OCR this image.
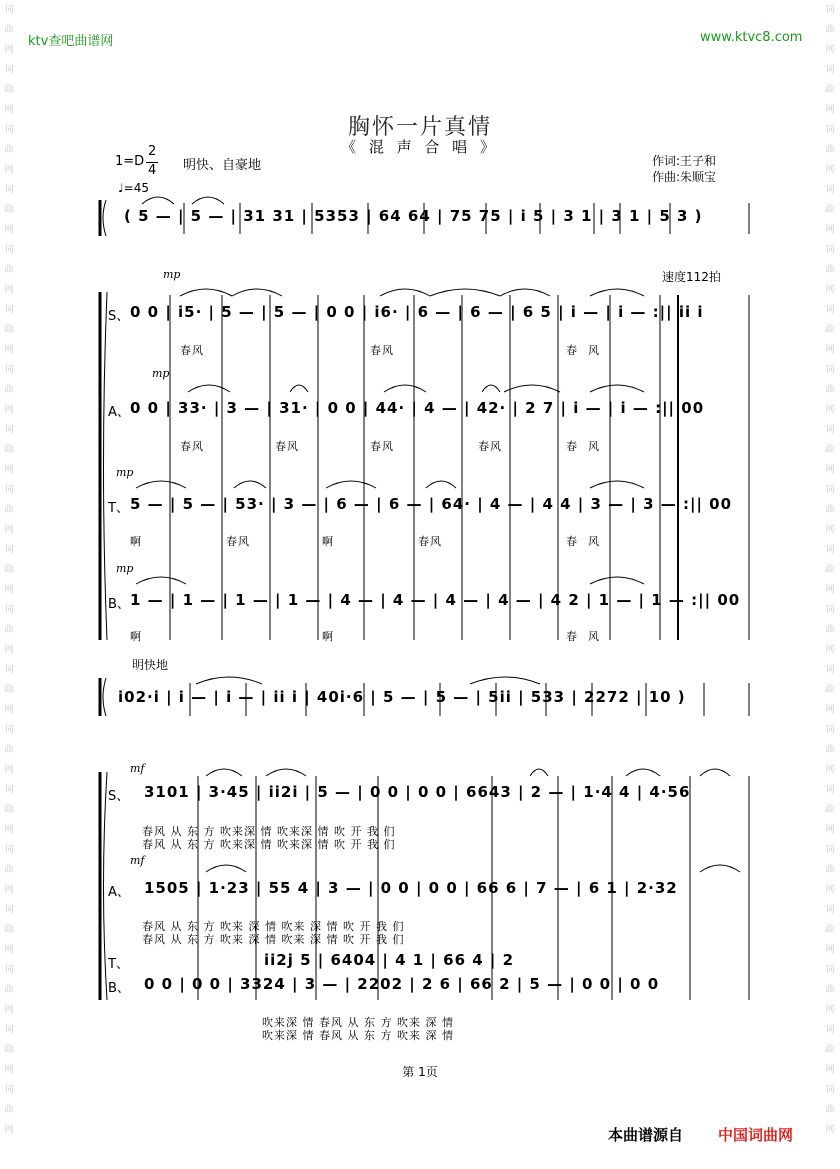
词
曲
网
词
曲
网
词
曲
网
词
曲
网
词
曲
网
词
曲
网
词
曲
网
词
曲
网
词
曲
网
词
曲
网
词
曲
网
词
曲
网
词
曲
网
词
曲
网
词
曲
网
词
曲
网
词
曲
网
词
曲
网
词
曲
网
词
曲
网
词
曲
网
词
曲
网
词
曲
网
词
曲
网
词
曲
网
词
曲
网
词
曲
网
词
曲
网
词
曲
网
词
曲
网
词
曲
网
词
曲
网
词
曲
网
词
曲
网
词
曲
网
词
曲
网
词
曲
网
词
曲
网
ktv查吧曲谱网	www.ktvc8.com
胸怀一片真情
《 混 声 合 唱 》
1=D
2
4 明快、自豪地	作词:王子和
作曲:朱顺宝
♩=45
( 5 — | 5 — | 31 31 | 5353 | 64 64 | 75 75 | i 5 | 3 1 | 3 1 | 5 3 )
mp	速度112拍
S、 0 0 | i5· | 5 — | 5 — | 0 0 | i6· | 6 — | 6 — | 6 5 | i — | i — :|| ii i
春风	春风	春 风
mp
A、 0 0 | 33· | 3 — | 31· | 0 0 | 44· | 4 — | 42· | 2 7 | i — | i — :|| 00
春风	春风	春风	春风	春 风
mp
T、 5 — | 5 — | 53· | 3 — | 6 — | 6 — | 64· | 4 — | 4 4 | 3 — | 3 — :|| 00
啊	春风	啊	春风	春 风
mp
B、 1 — | 1 — | 1 — | 1 — | 4 — | 4 — | 4 — | 4 — | 4 2 | 1 — | 1 — :|| 00
啊	啊	春 风
明快地
i02·i | i — | i — | ii i | 40i·6 | 5 — | 5 — | 5ii | 533 | 2272 | 10 )
mf
S、 3101 | 3·45 | ii2i | 5 — | 0 0 | 0 0 | 6643 | 2 — | 1·4 4 | 4·56
春风 从 东 方 吹来深 情 吹来深 情 吹 开 我 们
春风 从 东 方 吹来深 情 吹来深 情 吹 开 我 们
mf
A、 1505 | 1·23 | 55 4 | 3 — | 0 0 | 0 0 | 66 6 | 7 — | 6 1 | 2·32
春风 从 东 方 吹来 深 情 吹来 深 情 吹 开 我 们
春风 从 东 方 吹来 深 情 吹来 深 情 吹 开 我 们
T、	ii2j 5 | 6404 | 4 1 | 66 4 | 2
B、 0 0 | 0 0 | 3324 | 3 — | 2202 | 2 6 | 66 2 | 5 — | 0 0 | 0 0
吹来深 情 春风 从 东 方 吹来 深 情
吹来深 情 春风 从 东 方 吹来 深 情
第 1页
本曲谱源自 中国词曲网
